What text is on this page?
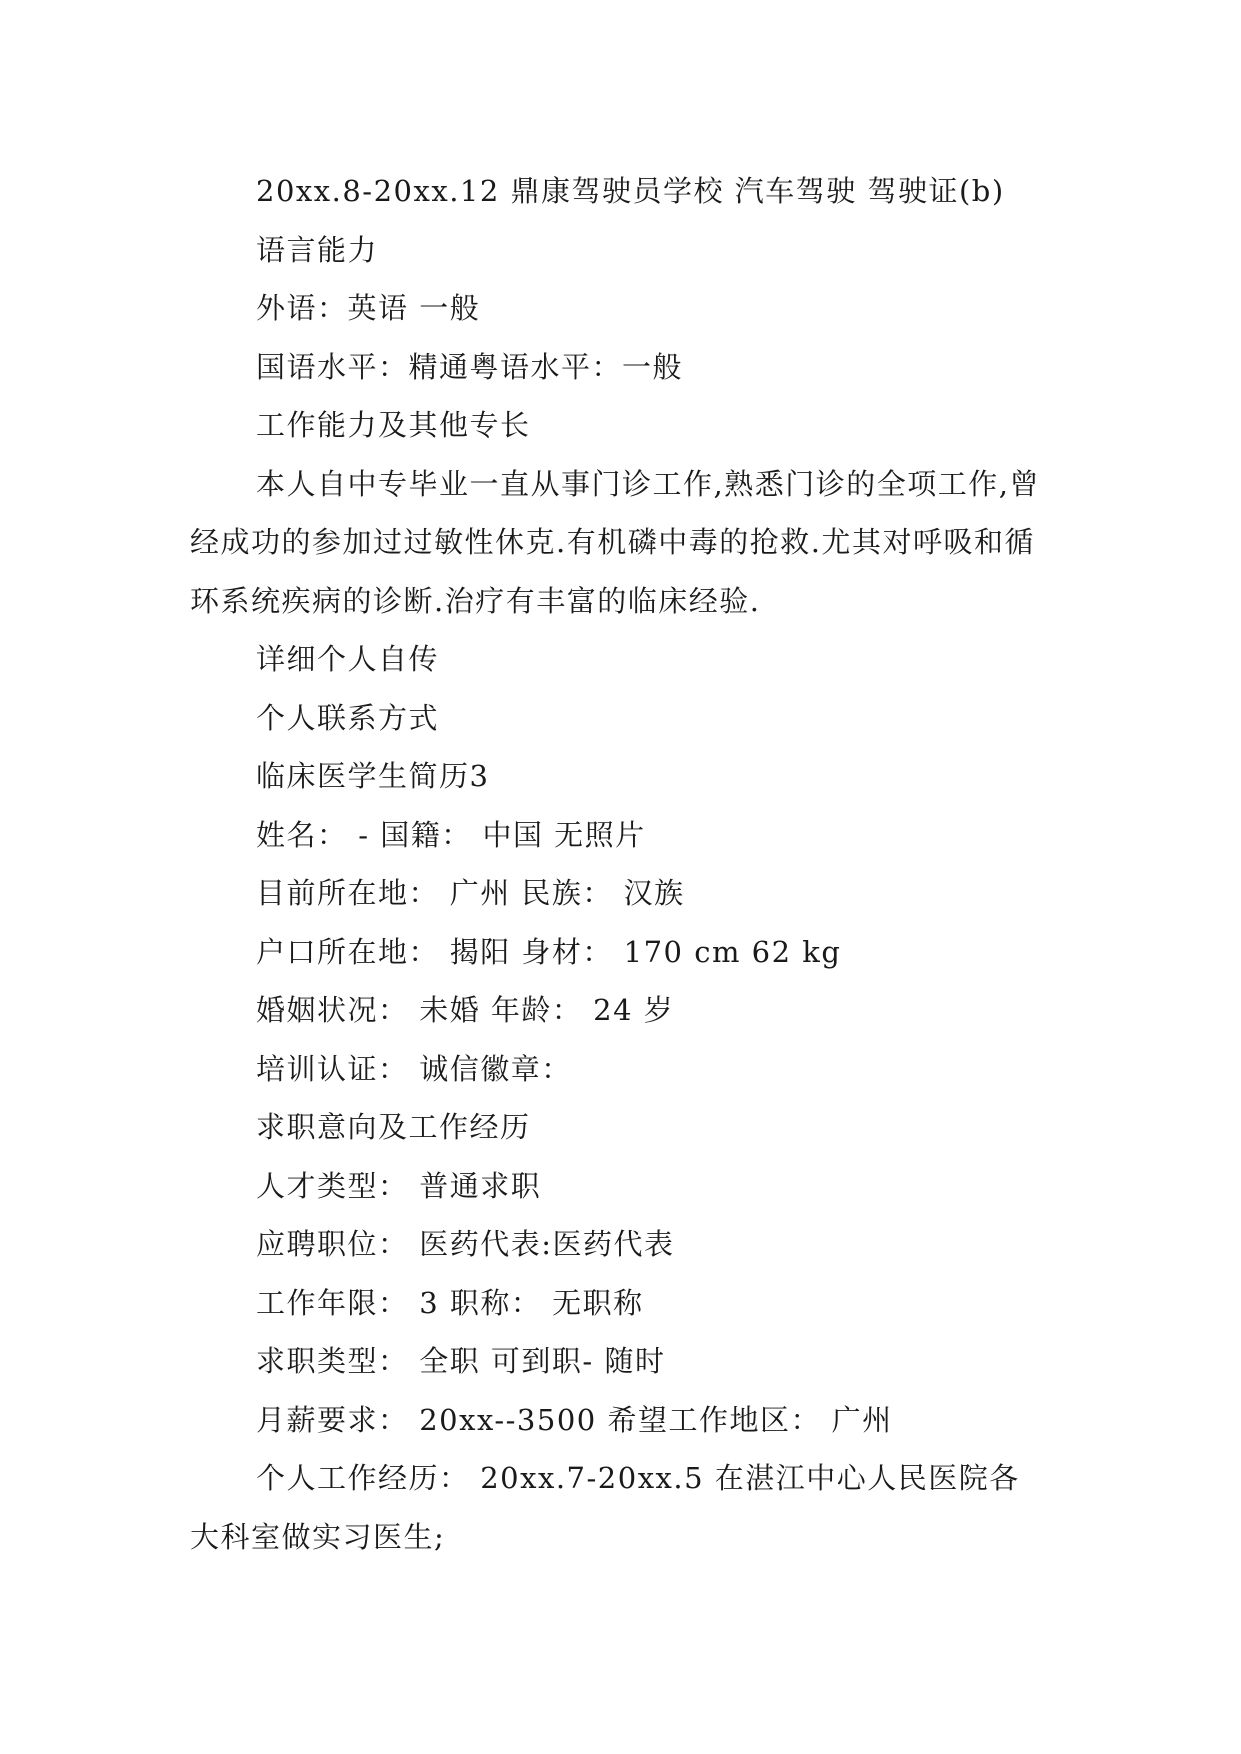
20xx.8-20xx.12 鼎康驾驶员学校 汽车驾驶 驾驶证(b)

语言能力

外语：英语 一般

国语水平：精通粤语水平：一般

工作能力及其他专长

本人自中专毕业一直从事门诊工作,熟悉门诊的全项工作,曾经成功的参加过过敏性休克.有机磷中毒的抢救.尤其对呼吸和循环系统疾病的诊断.治疗有丰富的临床经验.

详细个人自传

个人联系方式

临床医学生简历3

姓名： - 国籍： 中国 无照片

目前所在地： 广州 民族： 汉族

户口所在地： 揭阳 身材： 170 cm 62 kg

婚姻状况： 未婚 年龄： 24 岁

培训认证： 诚信徽章：

求职意向及工作经历

人才类型： 普通求职

应聘职位： 医药代表:医药代表

工作年限： 3 职称： 无职称

求职类型： 全职 可到职- 随时

月薪要求： 20xx--3500 希望工作地区： 广州

个人工作经历： 20xx.7-20xx.5 在湛江中心人民医院各大科室做实习医生;
